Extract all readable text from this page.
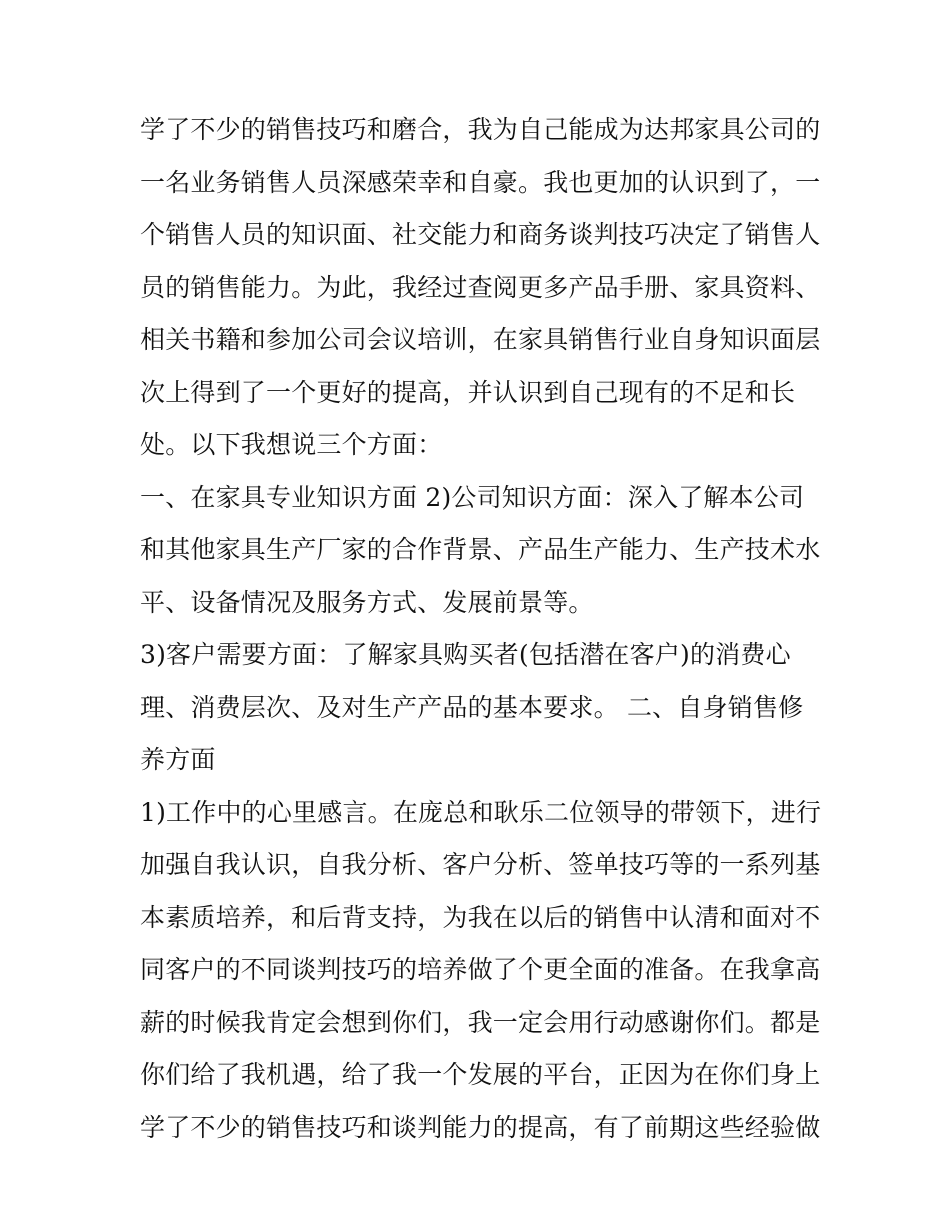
学了不少的销售技巧和磨合，我为自己能成为达邦家具公司的
一名业务销售人员深感荣幸和自豪。我也更加的认识到了，一
个销售人员的知识面、社交能力和商务谈判技巧决定了销售人
员的销售能力。为此，我经过查阅更多产品手册、家具资料、
相关书籍和参加公司会议培训，在家具销售行业自身知识面层
次上得到了一个更好的提高，并认识到自己现有的不足和长
处。以下我想说三个方面：
一、在家具专业知识方面 2)公司知识方面：深入了解本公司
和其他家具生产厂家的合作背景、产品生产能力、生产技术水
平、设备情况及服务方式、发展前景等。
3)客户需要方面：了解家具购买者(包括潜在客户)的消费心
理、消费层次、及对生产产品的基本要求。 二、自身销售修
养方面
1)工作中的心里感言。在庞总和耿乐二位领导的带领下，进行
加强自我认识，自我分析、客户分析、签单技巧等的一系列基
本素质培养，和后背支持，为我在以后的销售中认清和面对不
同客户的不同谈判技巧的培养做了个更全面的准备。在我拿高
薪的时候我肯定会想到你们，我一定会用行动感谢你们。都是
你们给了我机遇，给了我一个发展的平台，正因为在你们身上
学了不少的销售技巧和谈判能力的提高，有了前期这些经验做
